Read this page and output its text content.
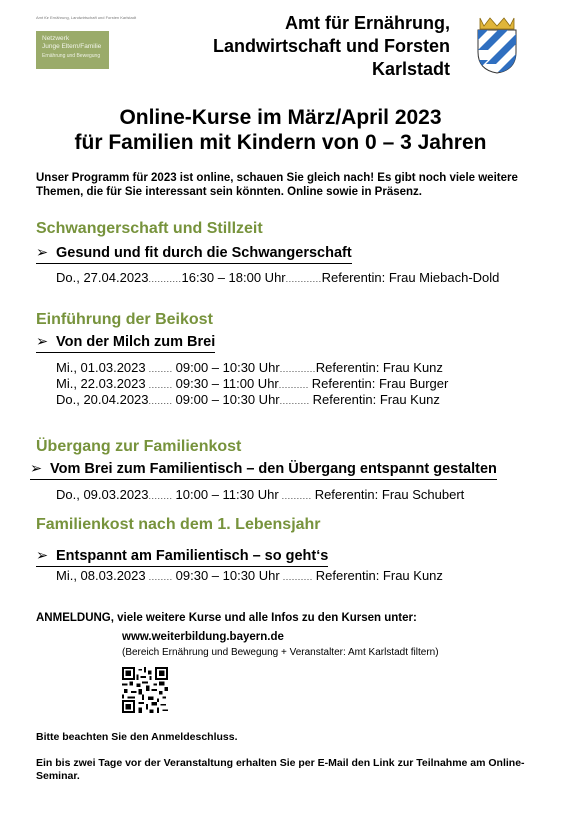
Amt für Ernährung, Landwirtschaft und Forsten Karlstadt
Netzwerk
Junge Eltern/Familie
Ernährung und Bewegung
Amt für Ernährung,
Landwirtschaft und Forsten
Karlstadt
Online-Kurse im März/April 2023
für Familien mit Kindern von 0 – 3 Jahren
Unser Programm für 2023 ist online, schauen Sie gleich nach! Es gibt noch viele weitere Themen, die für Sie interessant sein könnten. Online sowie in Präsenz.
Schwangerschaft und Stillzeit
➢ Gesund und fit durch die Schwangerschaft
Do., 27.04.2023...........16:30 – 18:00 Uhr............Referentin: Frau Miebach-Dold
Einführung der Beikost
➢ Von der Milch zum Brei
Mi., 01.03.2023 ........ 09:00 – 10:30 Uhr............Referentin: Frau Kunz
Mi., 22.03.2023 ........ 09:30 – 11:00 Uhr.......... Referentin: Frau Burger
Do., 20.04.2023........ 09:00 – 10:30 Uhr.......... Referentin: Frau Kunz
Übergang zur Familienkost
➢ Vom Brei zum Familientisch – den Übergang entspannt gestalten
Do., 09.03.2023........ 10:00 – 11:30 Uhr .......... Referentin: Frau Schubert
Familienkost nach dem 1. Lebensjahr
➢ Entspannt am Familientisch – so geht‘s
Mi., 08.03.2023 ........ 09:30 – 10:30 Uhr .......... Referentin: Frau Kunz
ANMELDUNG, viele weitere Kurse und alle Infos zu den Kursen unter:
www.weiterbildung.bayern.de
(Bereich Ernährung und Bewegung + Veranstalter: Amt Karlstadt filtern)
Bitte beachten Sie den Anmeldeschluss.
Ein bis zwei Tage vor der Veranstaltung erhalten Sie per E-Mail den Link zur Teilnahme am Online-Seminar.
